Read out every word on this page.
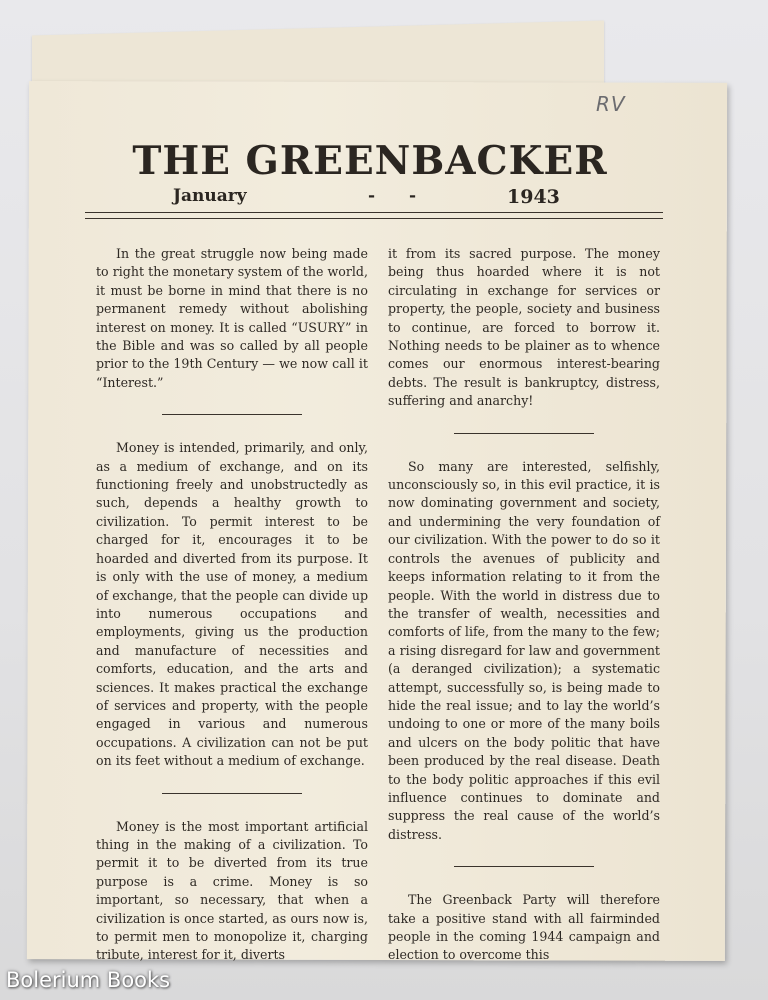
RV
THE GREENBACKER
January	- -	1943

In the great struggle now being made to right the monetary system of the world, it must be borne in mind that there is no permanent remedy without abolishing interest on money. It is called “USURY” in the Bible and was so called by all people prior to the 19th Century — we now call it “Interest.”

Money is intended, primarily, and only, as a medium of exchange, and on its functioning freely and unobstructedly as such, depends a healthy growth to civilization. To permit interest to be charged for it, encourages it to be hoarded and diverted from its purpose. It is only with the use of money, a medium of exchange, that the people can divide up into numerous occupations and employments, giving us the production and manufacture of necessities and comforts, education, and the arts and sciences. It makes practical the exchange of services and property, with the people engaged in various and numerous occupations. A civilization can not be put on its feet without a medium of exchange.

Money is the most important artificial thing in the making of a civilization. To permit it to be diverted from its true purpose is a crime. Money is so important, so necessary, that when a civilization is once started, as ours now is, to permit men to monopolize it, charging tribute, interest for it, diverts

it from its sacred purpose. The money being thus hoarded where it is not circulating in exchange for services or property, the people, society and business to continue, are forced to borrow it. Nothing needs to be plainer as to whence comes our enormous interest-bearing debts. The result is bankruptcy, distress, suffering and anarchy!

So many are interested, selfishly, unconsciously so, in this evil practice, it is now dominating government and society, and undermining the very foundation of our civilization. With the power to do so it controls the avenues of publicity and keeps information relating to it from the people. With the world in distress due to the transfer of wealth, necessities and comforts of life, from the many to the few; a rising disregard for law and government (a deranged civilization); a systematic attempt, successfully so, is being made to hide the real issue; and to lay the world’s undoing to one or more of the many boils and ulcers on the body politic that have been produced by the real disease. Death to the body politic approaches if this evil influence continues to dominate and suppress the real cause of the world’s distress.

The Greenback Party will therefore take a positive stand with all fairminded people in the coming 1944 campaign and election to overcome this

Bolerium Books
